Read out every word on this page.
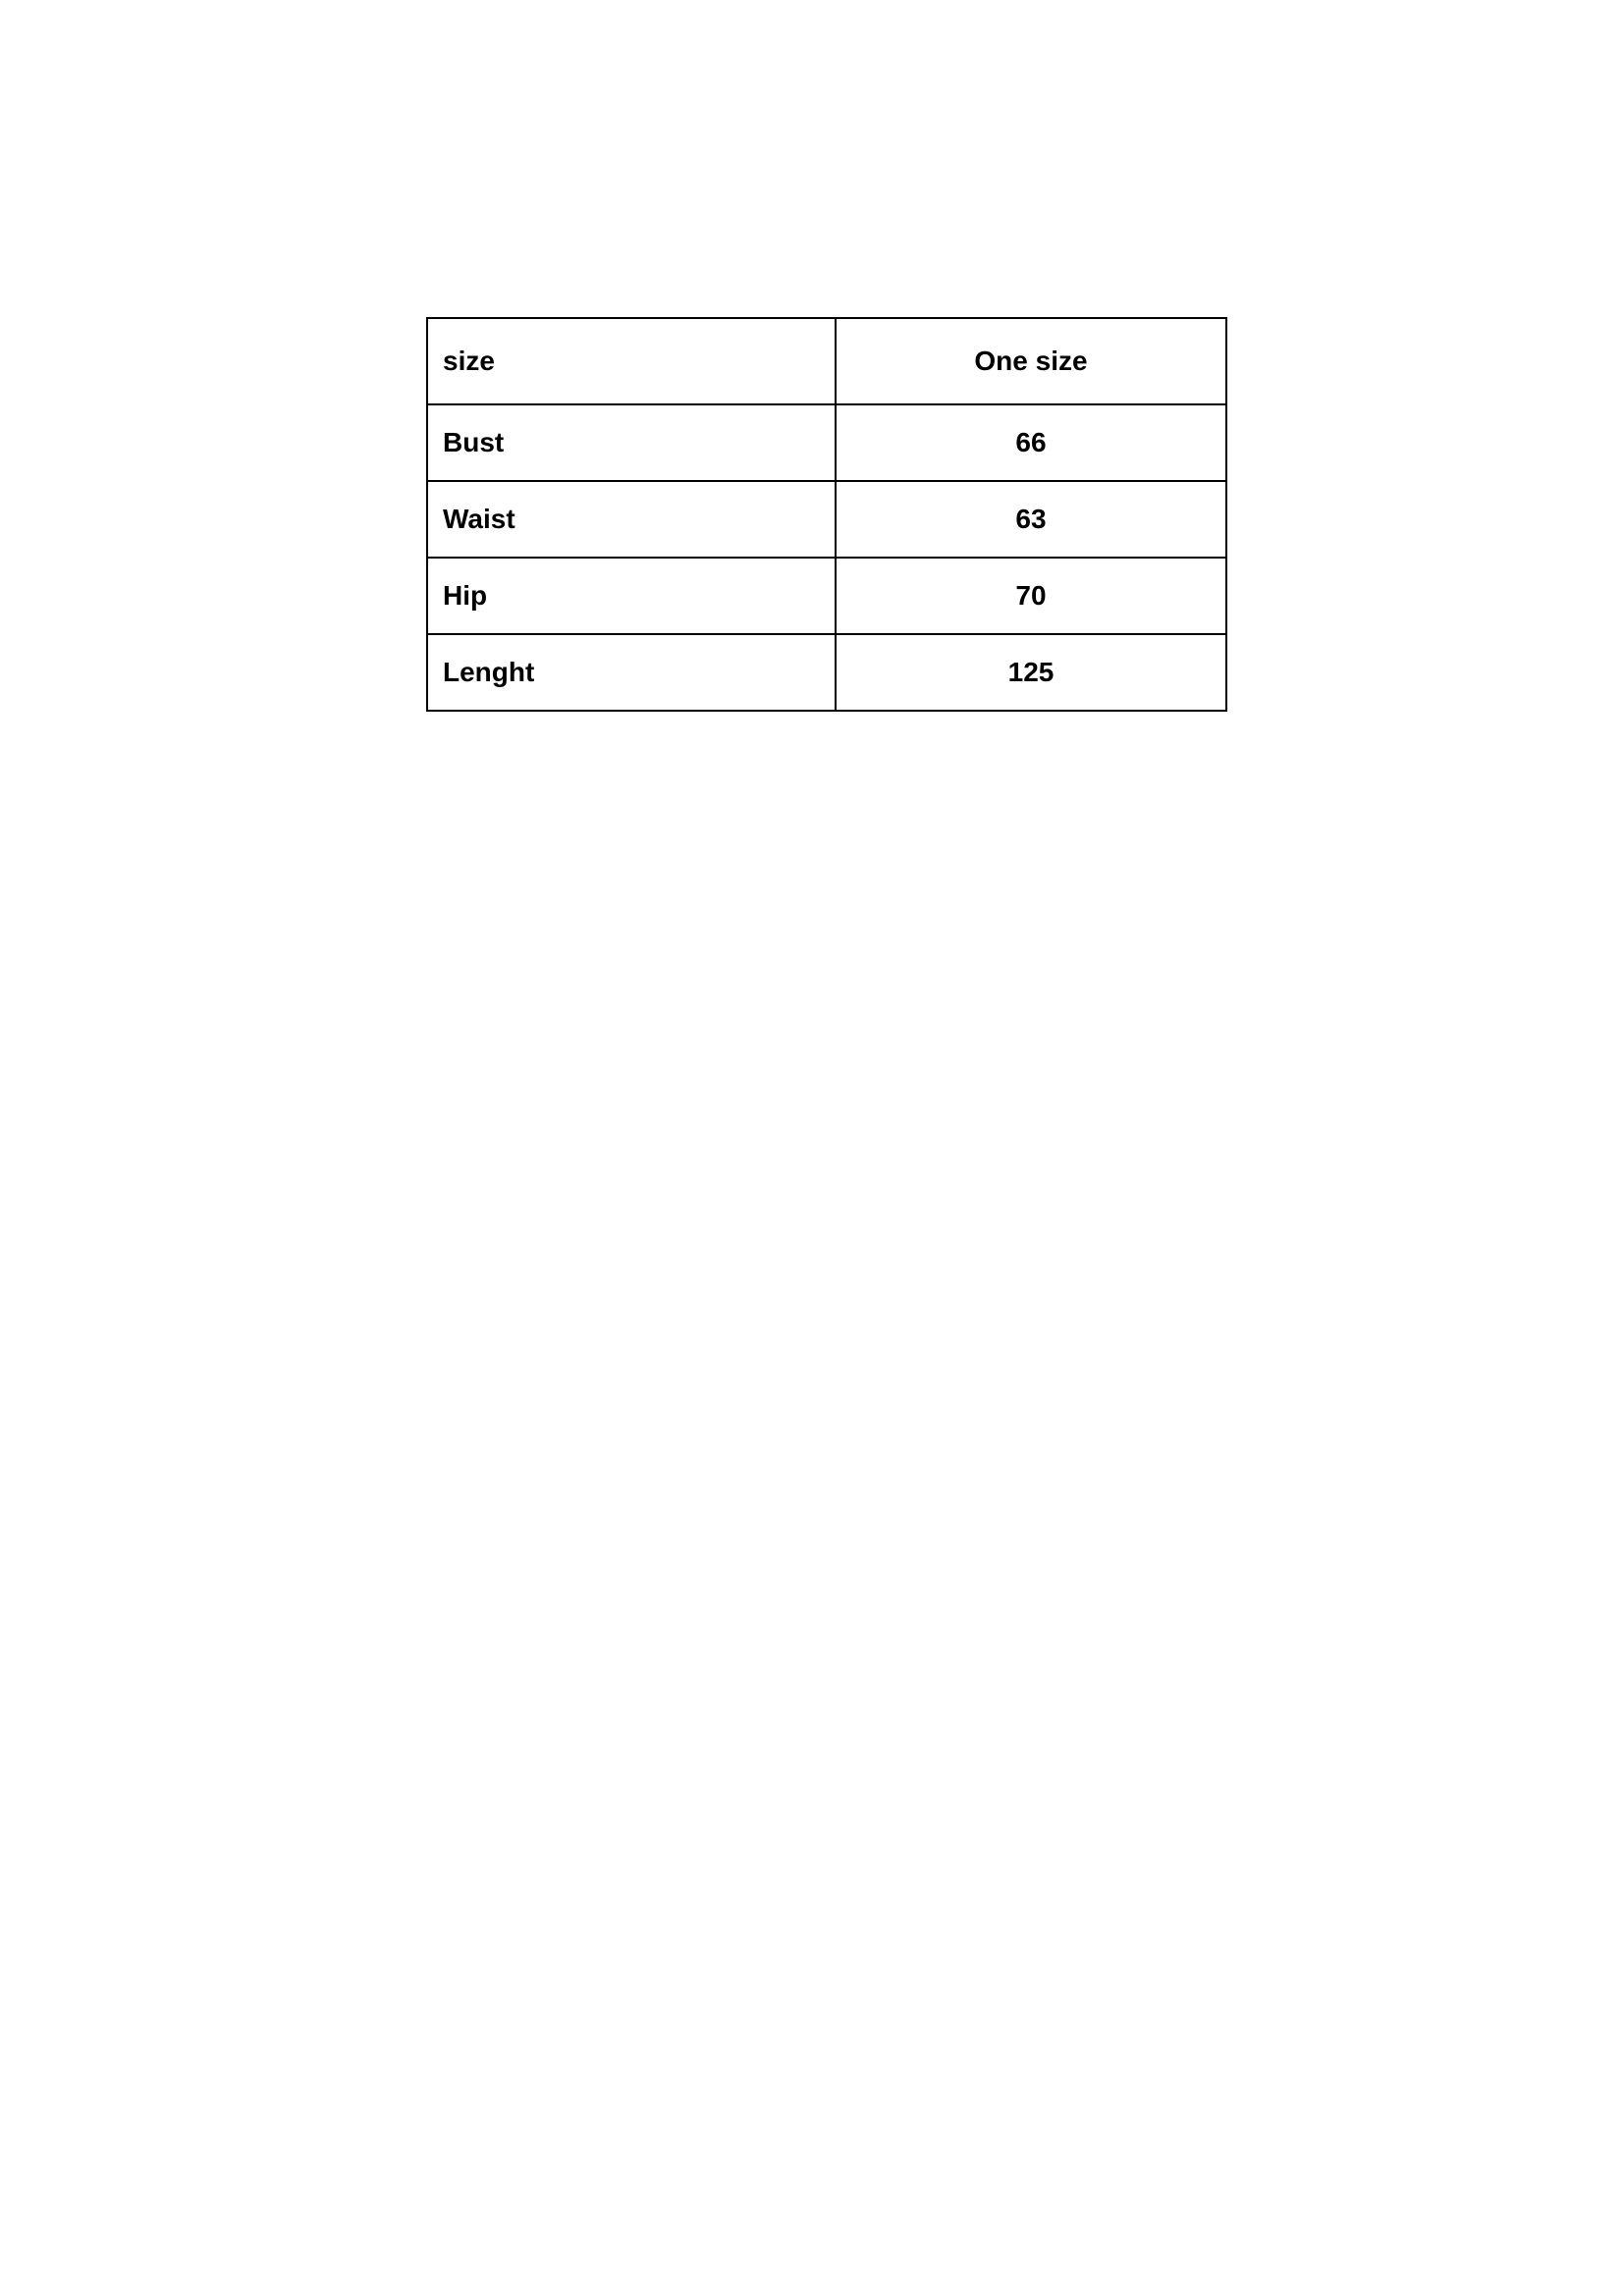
size	One size
Bust	66
Waist	63
Hip	70
Lenght	125
